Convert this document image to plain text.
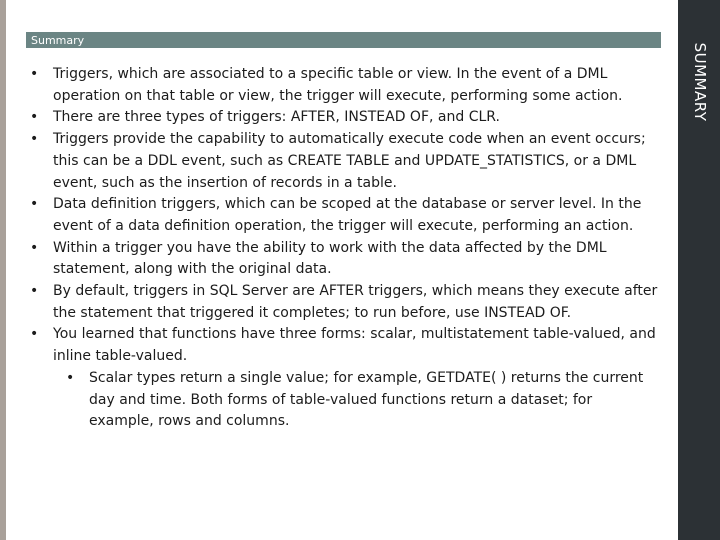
Summary
SUMMARY
• Triggers, which are associated to a specific table or view. In the event of a DML operation on that table or view, the trigger will execute, performing some action.
• There are three types of triggers: AFTER, INSTEAD OF, and CLR.
• Triggers provide the capability to automatically execute code when an event occurs; this can be a DDL event, such as CREATE TABLE and UPDATE_STATISTICS, or a DML event, such as the insertion of records in a table.
• Data definition triggers, which can be scoped at the database or server level. In the event of a data definition operation, the trigger will execute, performing an action.
• Within a trigger you have the ability to work with the data affected by the DML statement, along with the original data.
• By default, triggers in SQL Server are AFTER triggers, which means they execute after the statement that triggered it completes; to run before, use INSTEAD OF.
• You learned that functions have three forms: scalar, multistatement table-valued, and inline table-valued.
• Scalar types return a single value; for example, GETDATE( ) returns the current day and time. Both forms of table-valued functions return a dataset; for example, rows and columns.
